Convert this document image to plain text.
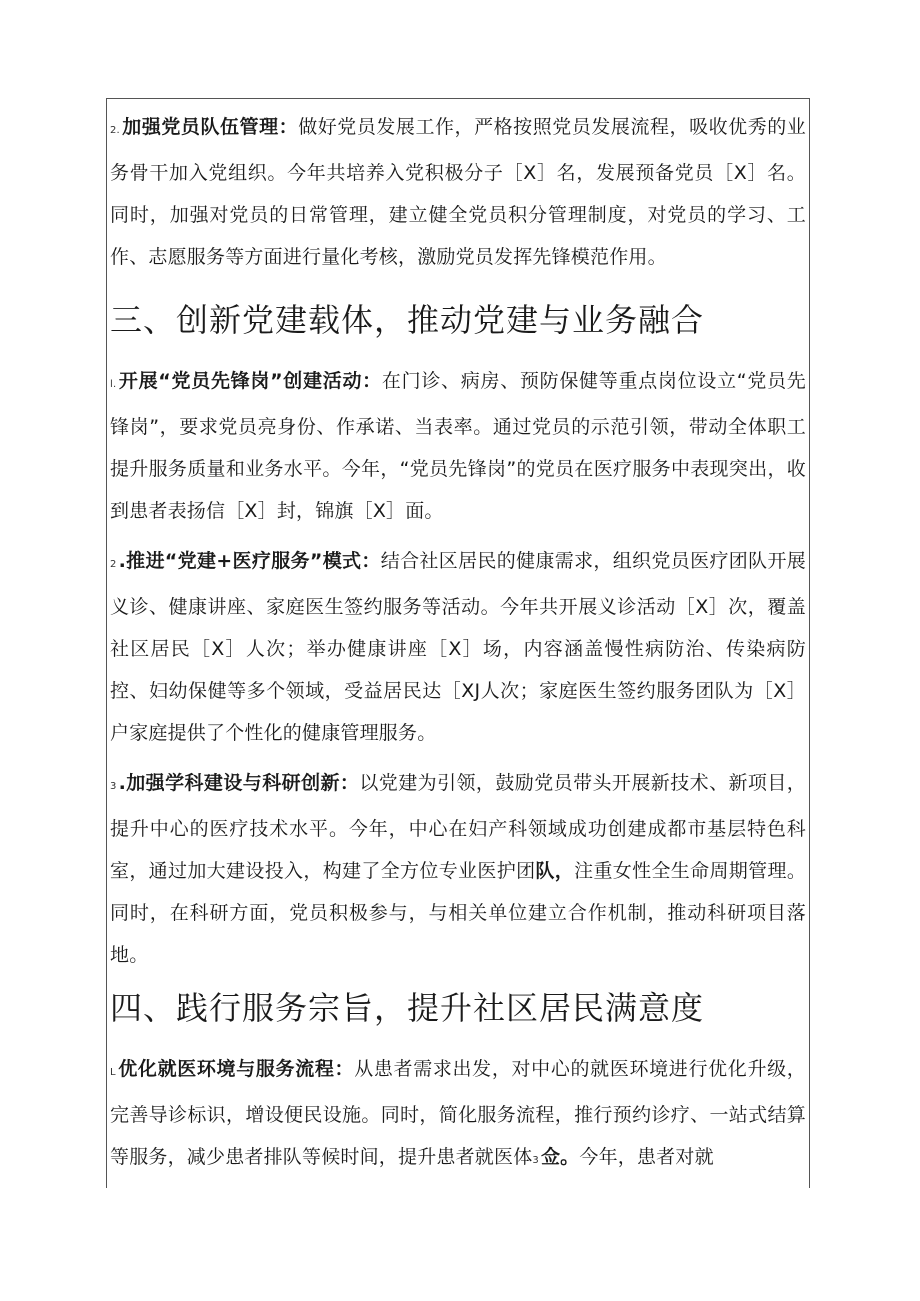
2. 加强党员队伍管理：做好党员发展工作，严格按照党员发展流程，吸收优秀的业务骨干加入党组织。今年共培养入党积极分子［X］名，发展预备党员［X］名。同时，加强对党员的日常管理，建立健全党员积分管理制度，对党员的学习、工作、志愿服务等方面进行量化考核，激励党员发挥先锋模范作用。

三、创新党建载体，推动党建与业务融合

l. 开展“党员先锋岗”创建活动：在门诊、病房、预防保健等重点岗位设立“党员先锋岗”，要求党员亮身份、作承诺、当表率。通过党员的示范引领，带动全体职工提升服务质量和业务水平。今年，“党员先锋岗”的党员在医疗服务中表现突出，收到患者表扬信［X］封，锦旗［X］面。

2 .推进“党建+医疗服务”模式：结合社区居民的健康需求，组织党员医疗团队开展义诊、健康讲座、家庭医生签约服务等活动。今年共开展义诊活动［X］次，覆盖社区居民［X］人次；举办健康讲座［X］场，内容涵盖慢性病防治、传染病防控、妇幼保健等多个领域，受益居民达［XJ人次；家庭医生签约服务团队为［X］户家庭提供了个性化的健康管理服务。

3 .加强学科建设与科研创新：以党建为引领，鼓励党员带头开展新技术、新项目，提升中心的医疗技术水平。今年，中心在妇产科领域成功创建成都市基层特色科室，通过加大建设投入，构建了全方位专业医护团队，注重女性全生命周期管理。同时，在科研方面，党员积极参与，与相关单位建立合作机制，推动科研项目落地。

四、践行服务宗旨，提升社区居民满意度

L 优化就医环境与服务流程：从患者需求出发，对中心的就医环境进行优化升级，完善导诊标识，增设便民设施。同时，简化服务流程，推行预约诊疗、一站式结算等服务，减少患者排队等候时间，提升患者就医体3 佥。今年，患者对就
